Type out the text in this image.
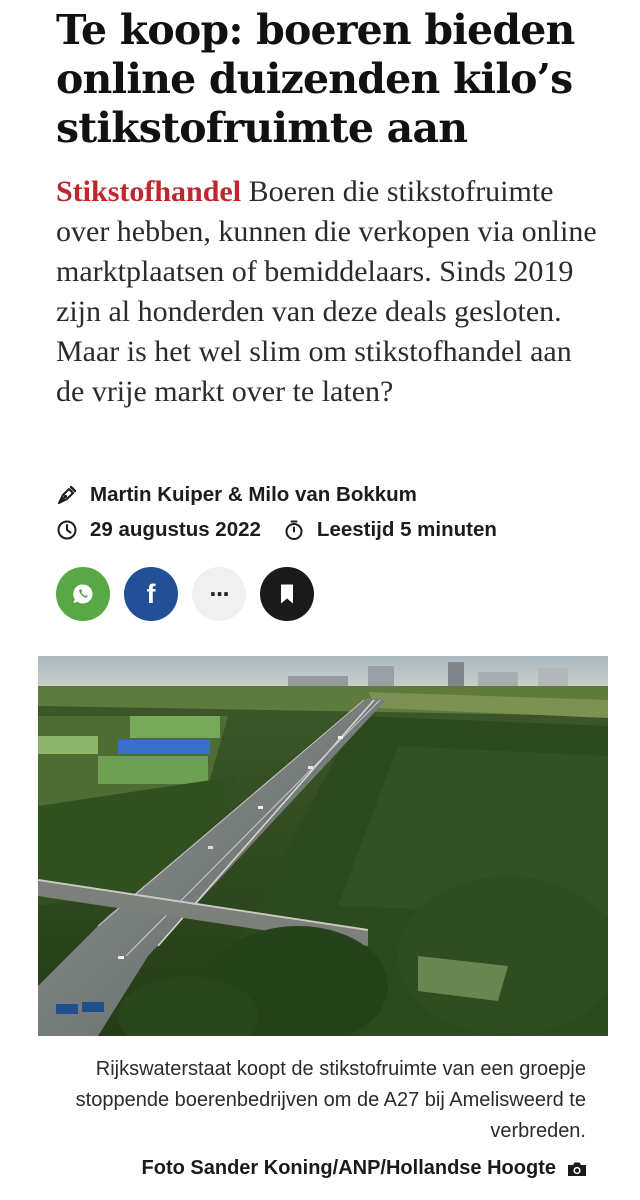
Te koop: boeren bieden online duizenden kilo’s stikstofruimte aan

Stikstofhandel Boeren die stikstofruimte over hebben, kunnen die verkopen via online marktplaatsen of bemiddelaars. Sinds 2019 zijn al honderden van deze deals gesloten. Maar is het wel slim om stikstofhandel aan de vrije markt over te laten?

Martin Kuiper & Milo van Bokkum
29 augustus 2022	Leestijd 5 minuten
f	···

Rijkswaterstaat koopt de stikstofruimte van een groepje stoppende boerenbedrijven om de A27 bij Amelisweerd te verbreden.

Foto Sander Koning/ANP/Hollandse Hoogte
